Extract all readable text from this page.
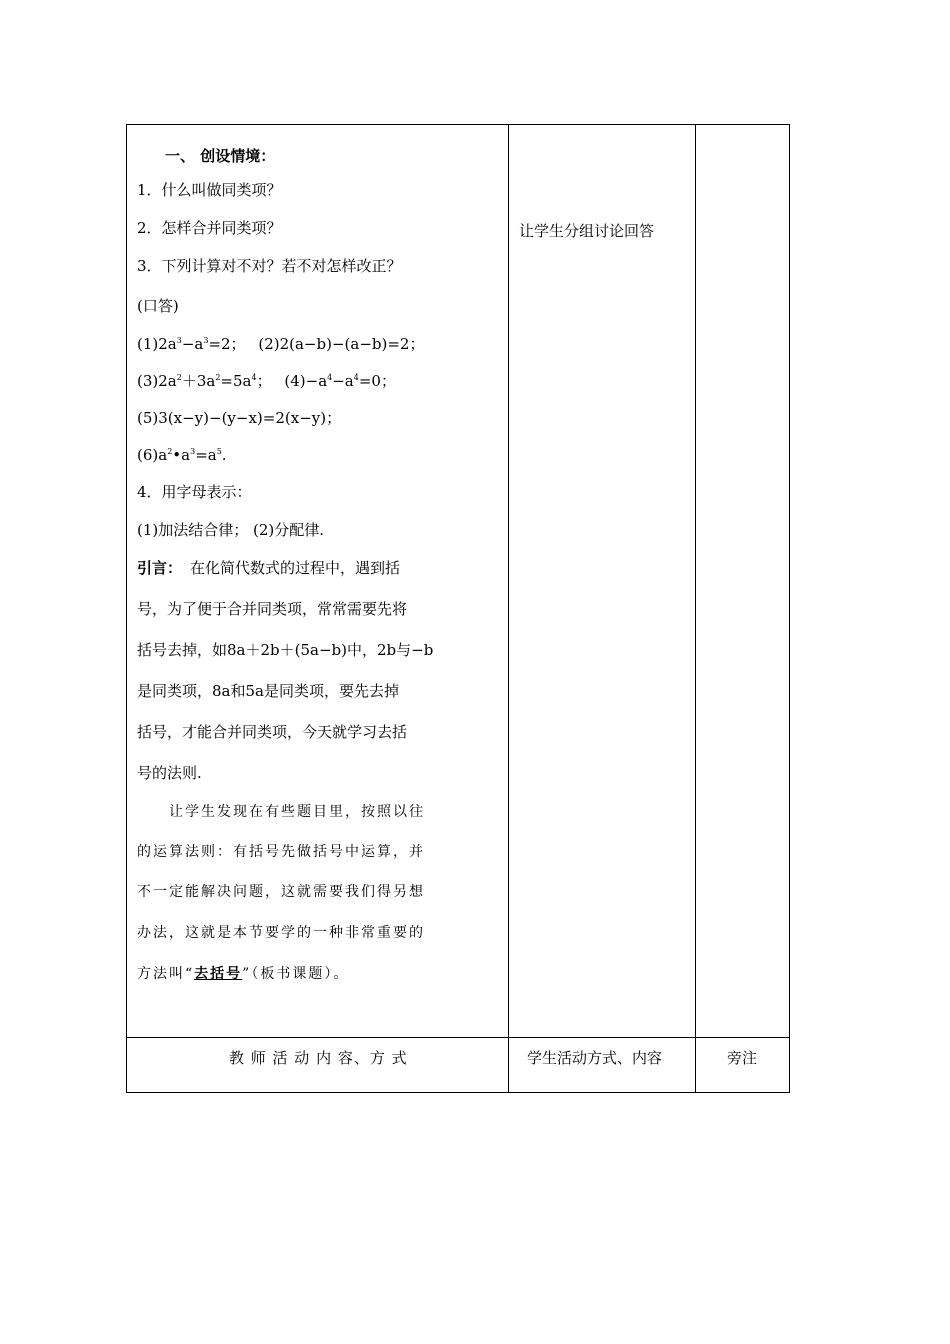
一、 创设情境：
1．什么叫做同类项？
2．怎样合并同类项？
3．下列计算对不对？若不对怎样改正？
(口答)
$(1)2a^3-a^3=2$； (2)2(a−b)−(a−b)=2；
$(3)2a^2+3a^2=5a^4$； $(4)-a^4-a^4=0$；
(5)3(x−y)−(y−x)=2(x−y)；
$(6)a^2•a^3=a^5$.
4．用字母表示：
(1)加法结合律； (2)分配律.
引言： 在化简代数式的过程中，遇到括
号，为了便于合并同类项，常常需要先将
括号去掉，如8a＋2b＋(5a−b)中，2b与−b
是同类项，8a和5a是同类项，要先去掉
括号，才能合并同类项，今天就学习去括
号的法则.
让学生发现在有些题目里，按照以往
的运算法则：有括号先做括号中运算，并
不一定能解决问题，这就需要我们得另想
办法，这就是本节要学的一种非常重要的
方法叫“去括号”（板书课题）。
让学生分组讨论回答
教 师 活 动 内 容、方 式	学生活动方式、内容	旁注
